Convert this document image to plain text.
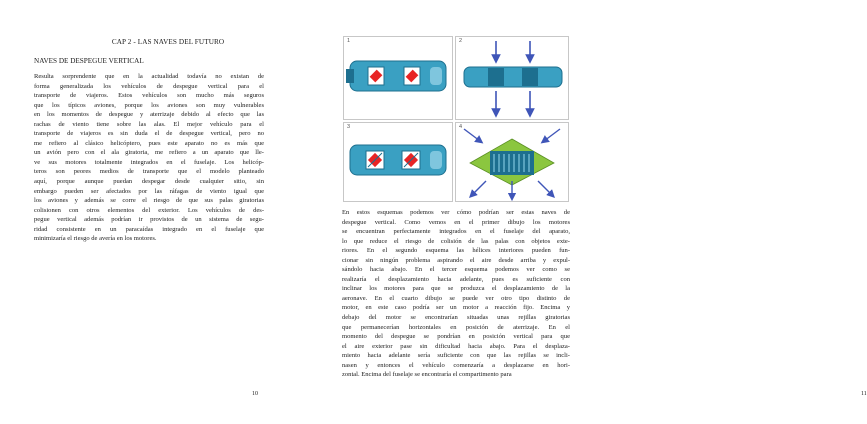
CAP 2 - LAS NAVES DEL FUTURO
NAVES DE DESPEGUE VERTICAL
Resulta sorprendente que en la actualidad todavía no existan de
forma generalizada los vehículos de despegue vertical para el
transporte de viajeros. Estos vehículos son mucho más seguros
que los típicos aviones, porque los aviones son muy vulnerables
en los momentos de despegue y aterrizaje debido al efecto que las
rachas de viento tiene sobre las alas. El mejor vehículo para el
transporte de viajeros es sin duda el de despegue vertical, pero no
me refiero al clásico helicóptero, pues este aparato no es más que
un avión pero con el ala giratoria, me refiero a un aparato que lle-
ve sus motores totalmente integrados en el fuselaje. Los helicóp-
teros son peores medios de transporte que el modelo planteado
aquí, porque aunque puedan despegar desde cualquier sitio, sin
embargo pueden ser afectados por las ráfagas de viento igual que
los aviones y además se corre el riesgo de que sus palas giratorias
colisionen con otros elementos del exterior. Los vehículos de des-
pegue vertical además podrían ir provistos de un sistema de segu-
ridad consistente en un paracaídas integrado en el fuselaje que
minimizaría el riesgo de avería en los motores.
10	11
En estos esquemas podemos ver cómo podrían ser estas naves de
despegue vertical. Como vemos en el primer dibujo los motores
se encuentran perfectamente integrados en el fuselaje del aparato,
lo que reduce el riesgo de colisión de las palas con objetos exte-
riores. En el segundo esquema las hélices interiores pueden fun-
cionar sin ningún problema aspirando el aire desde arriba y expul-
sándolo hacia abajo. En el tercer esquema podemos ver como se
realizaría el desplazamiento hacia adelante, pues es suficiente con
inclinar los motores para que se produzca el desplazamiento de la
aeronave. En el cuarto dibujo se puede ver otro tipo distinto de
motor, en este caso podría ser un motor a reacción fijo. Encima y
debajo del motor se encontrarían situadas unas rejillas giratorias
que permanecerían horizontales en posición de aterrizaje. En el
momento del despegue se pondrían en posición vertical para que
el aire exterior pase sin dificultad hacia abajo. Para el desplaza-
miento hacia adelante sería suficiente con que las rejillas se incli-
nasen y entonces el vehículo comenzaría a desplazarse en hori-
zontal. Encima del fuselaje se encontraría el compartimento para
1	2
3	4
